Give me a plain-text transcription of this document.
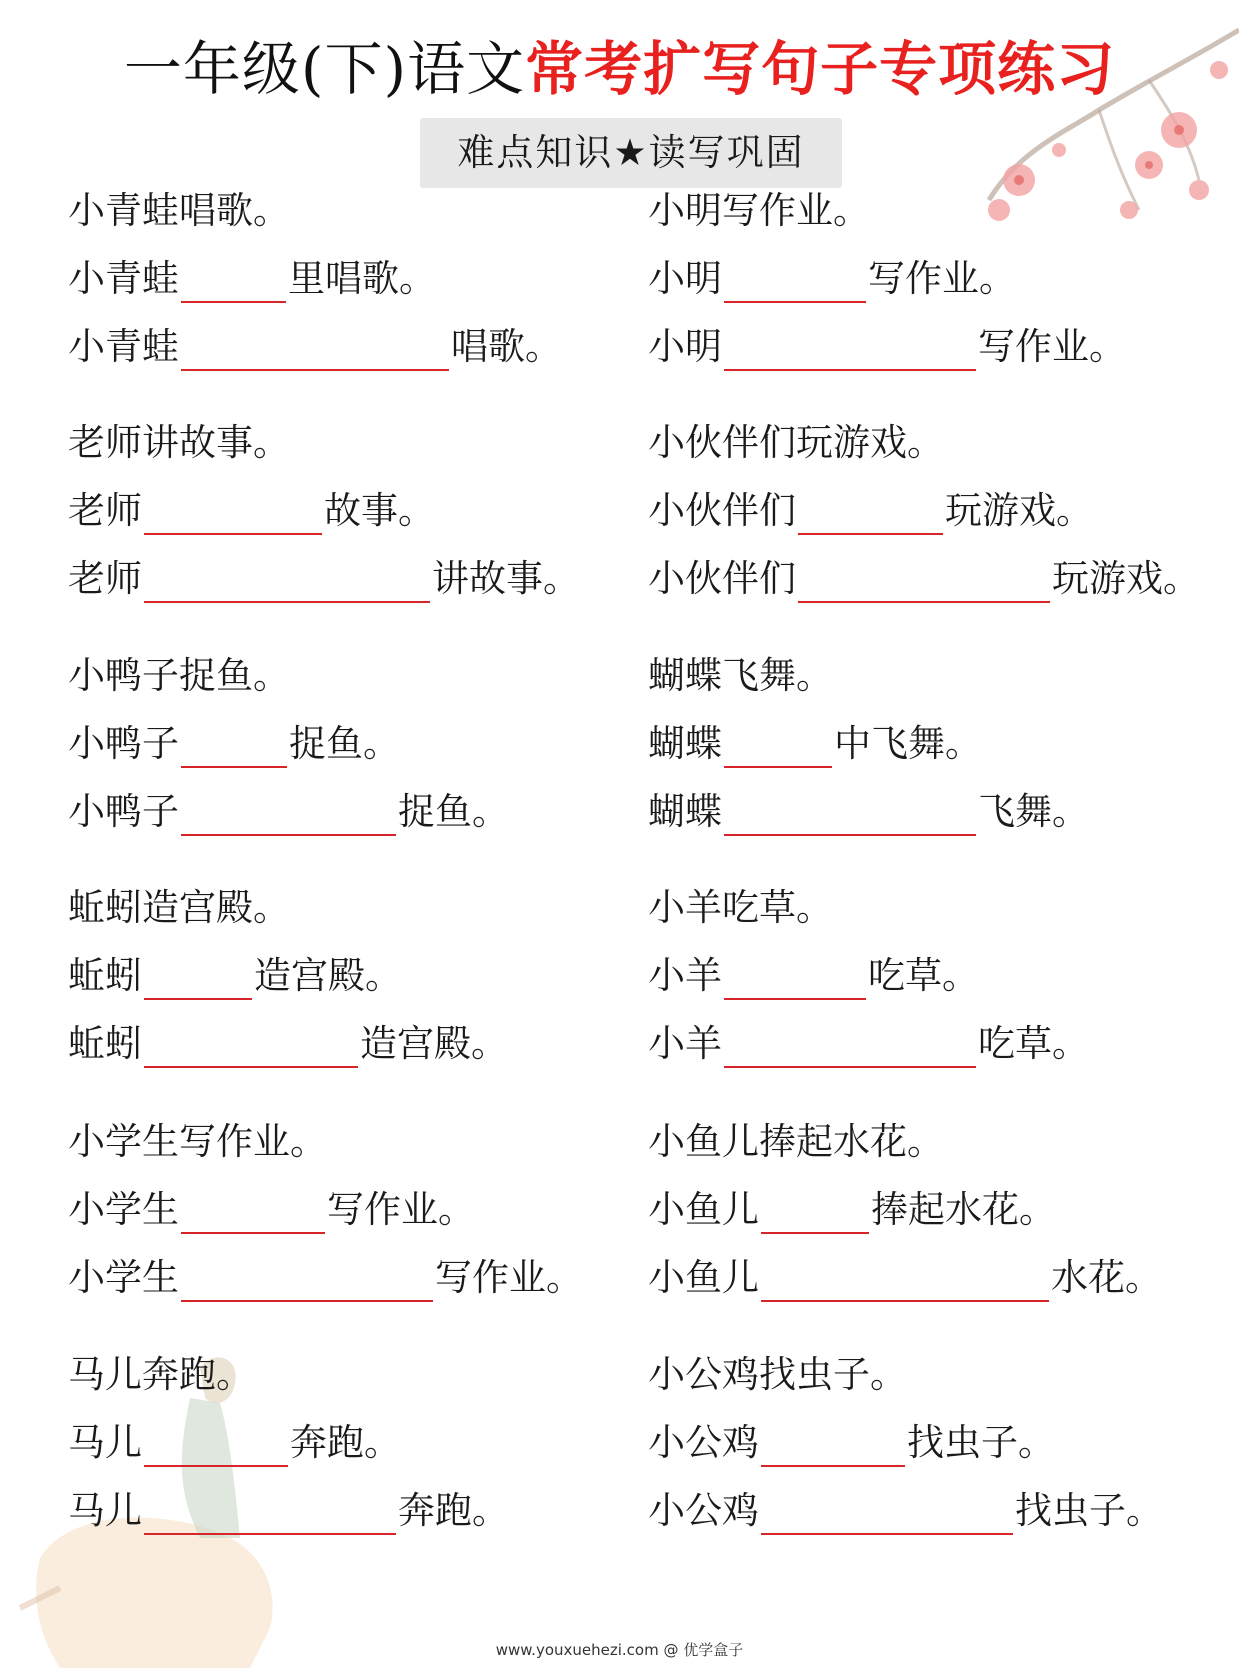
一年级(下)语文常考扩写句子专项练习
难点知识★读写巩固
小青蛙唱歌。
小青蛙	里唱歌。
小青蛙	唱歌。
老师讲故事。
老师	故事。
老师	讲故事。
小鸭子捉鱼。
小鸭子	捉鱼。
小鸭子	捉鱼。
蚯蚓造宫殿。
蚯蚓	造宫殿。
蚯蚓	造宫殿。
小学生写作业。
小学生	写作业。
小学生	写作业。
马儿奔跑。
马儿	奔跑。
马儿	奔跑。
小明写作业。
小明	写作业。
小明	写作业。
小伙伴们玩游戏。
小伙伴们	玩游戏。
小伙伴们	玩游戏。
蝴蝶飞舞。
蝴蝶	中飞舞。
蝴蝶	飞舞。
小羊吃草。
小羊	吃草。
小羊	吃草。
小鱼儿捧起水花。
小鱼儿	捧起水花。
小鱼儿	水花。
小公鸡找虫子。
小公鸡	找虫子。
小公鸡	找虫子。
www.youxuehezi.com @ 优学盒子
